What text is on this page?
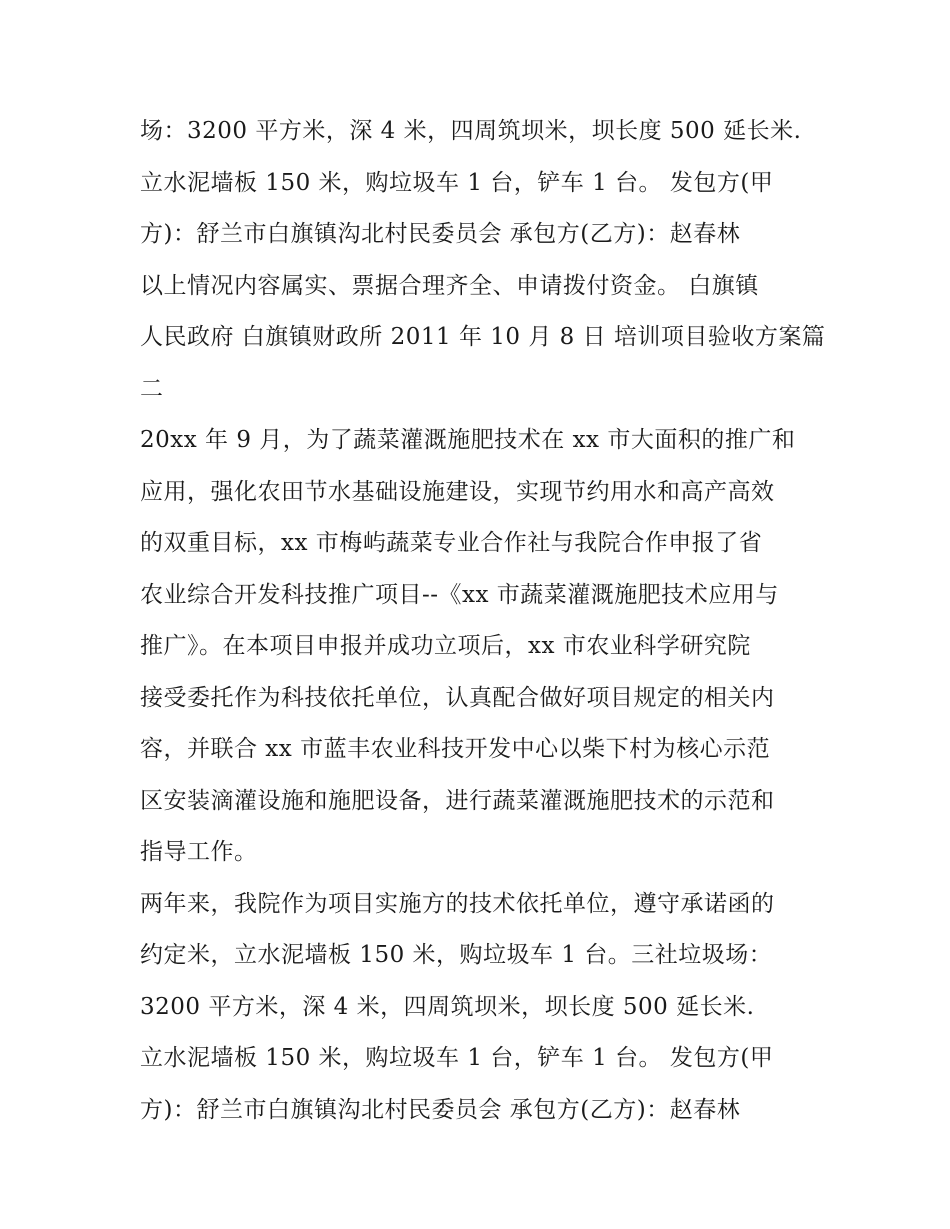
场：3200 平方米，深 4 米，四周筑坝米，坝长度 500 延长米.
立水泥墙板 150 米，购垃圾车 1 台，铲车 1 台。 发包方(甲
方)：舒兰市白旗镇沟北村民委员会 承包方(乙方)：赵春林
以上情况内容属实、票据合理齐全、申请拨付资金。 白旗镇
人民政府 白旗镇财政所 2011 年 10 月 8 日 培训项目验收方案篇
二
20xx 年 9 月，为了蔬菜灌溉施肥技术在 xx 市大面积的推广和
应用，强化农田节水基础设施建设，实现节约用水和高产高效
的双重目标，xx 市梅屿蔬菜专业合作社与我院合作申报了省
农业综合开发科技推广项目--《xx 市蔬菜灌溉施肥技术应用与
推广》。在本项目申报并成功立项后，xx 市农业科学研究院
接受委托作为科技依托单位，认真配合做好项目规定的相关内
容，并联合 xx 市蓝丰农业科技开发中心以柴下村为核心示范
区安装滴灌设施和施肥设备，进行蔬菜灌溉施肥技术的示范和
指导工作。
两年来，我院作为项目实施方的技术依托单位，遵守承诺函的
约定米，立水泥墙板 150 米，购垃圾车 1 台。三社垃圾场：
3200 平方米，深 4 米，四周筑坝米，坝长度 500 延长米.
立水泥墙板 150 米，购垃圾车 1 台，铲车 1 台。 发包方(甲
方)：舒兰市白旗镇沟北村民委员会 承包方(乙方)：赵春林
